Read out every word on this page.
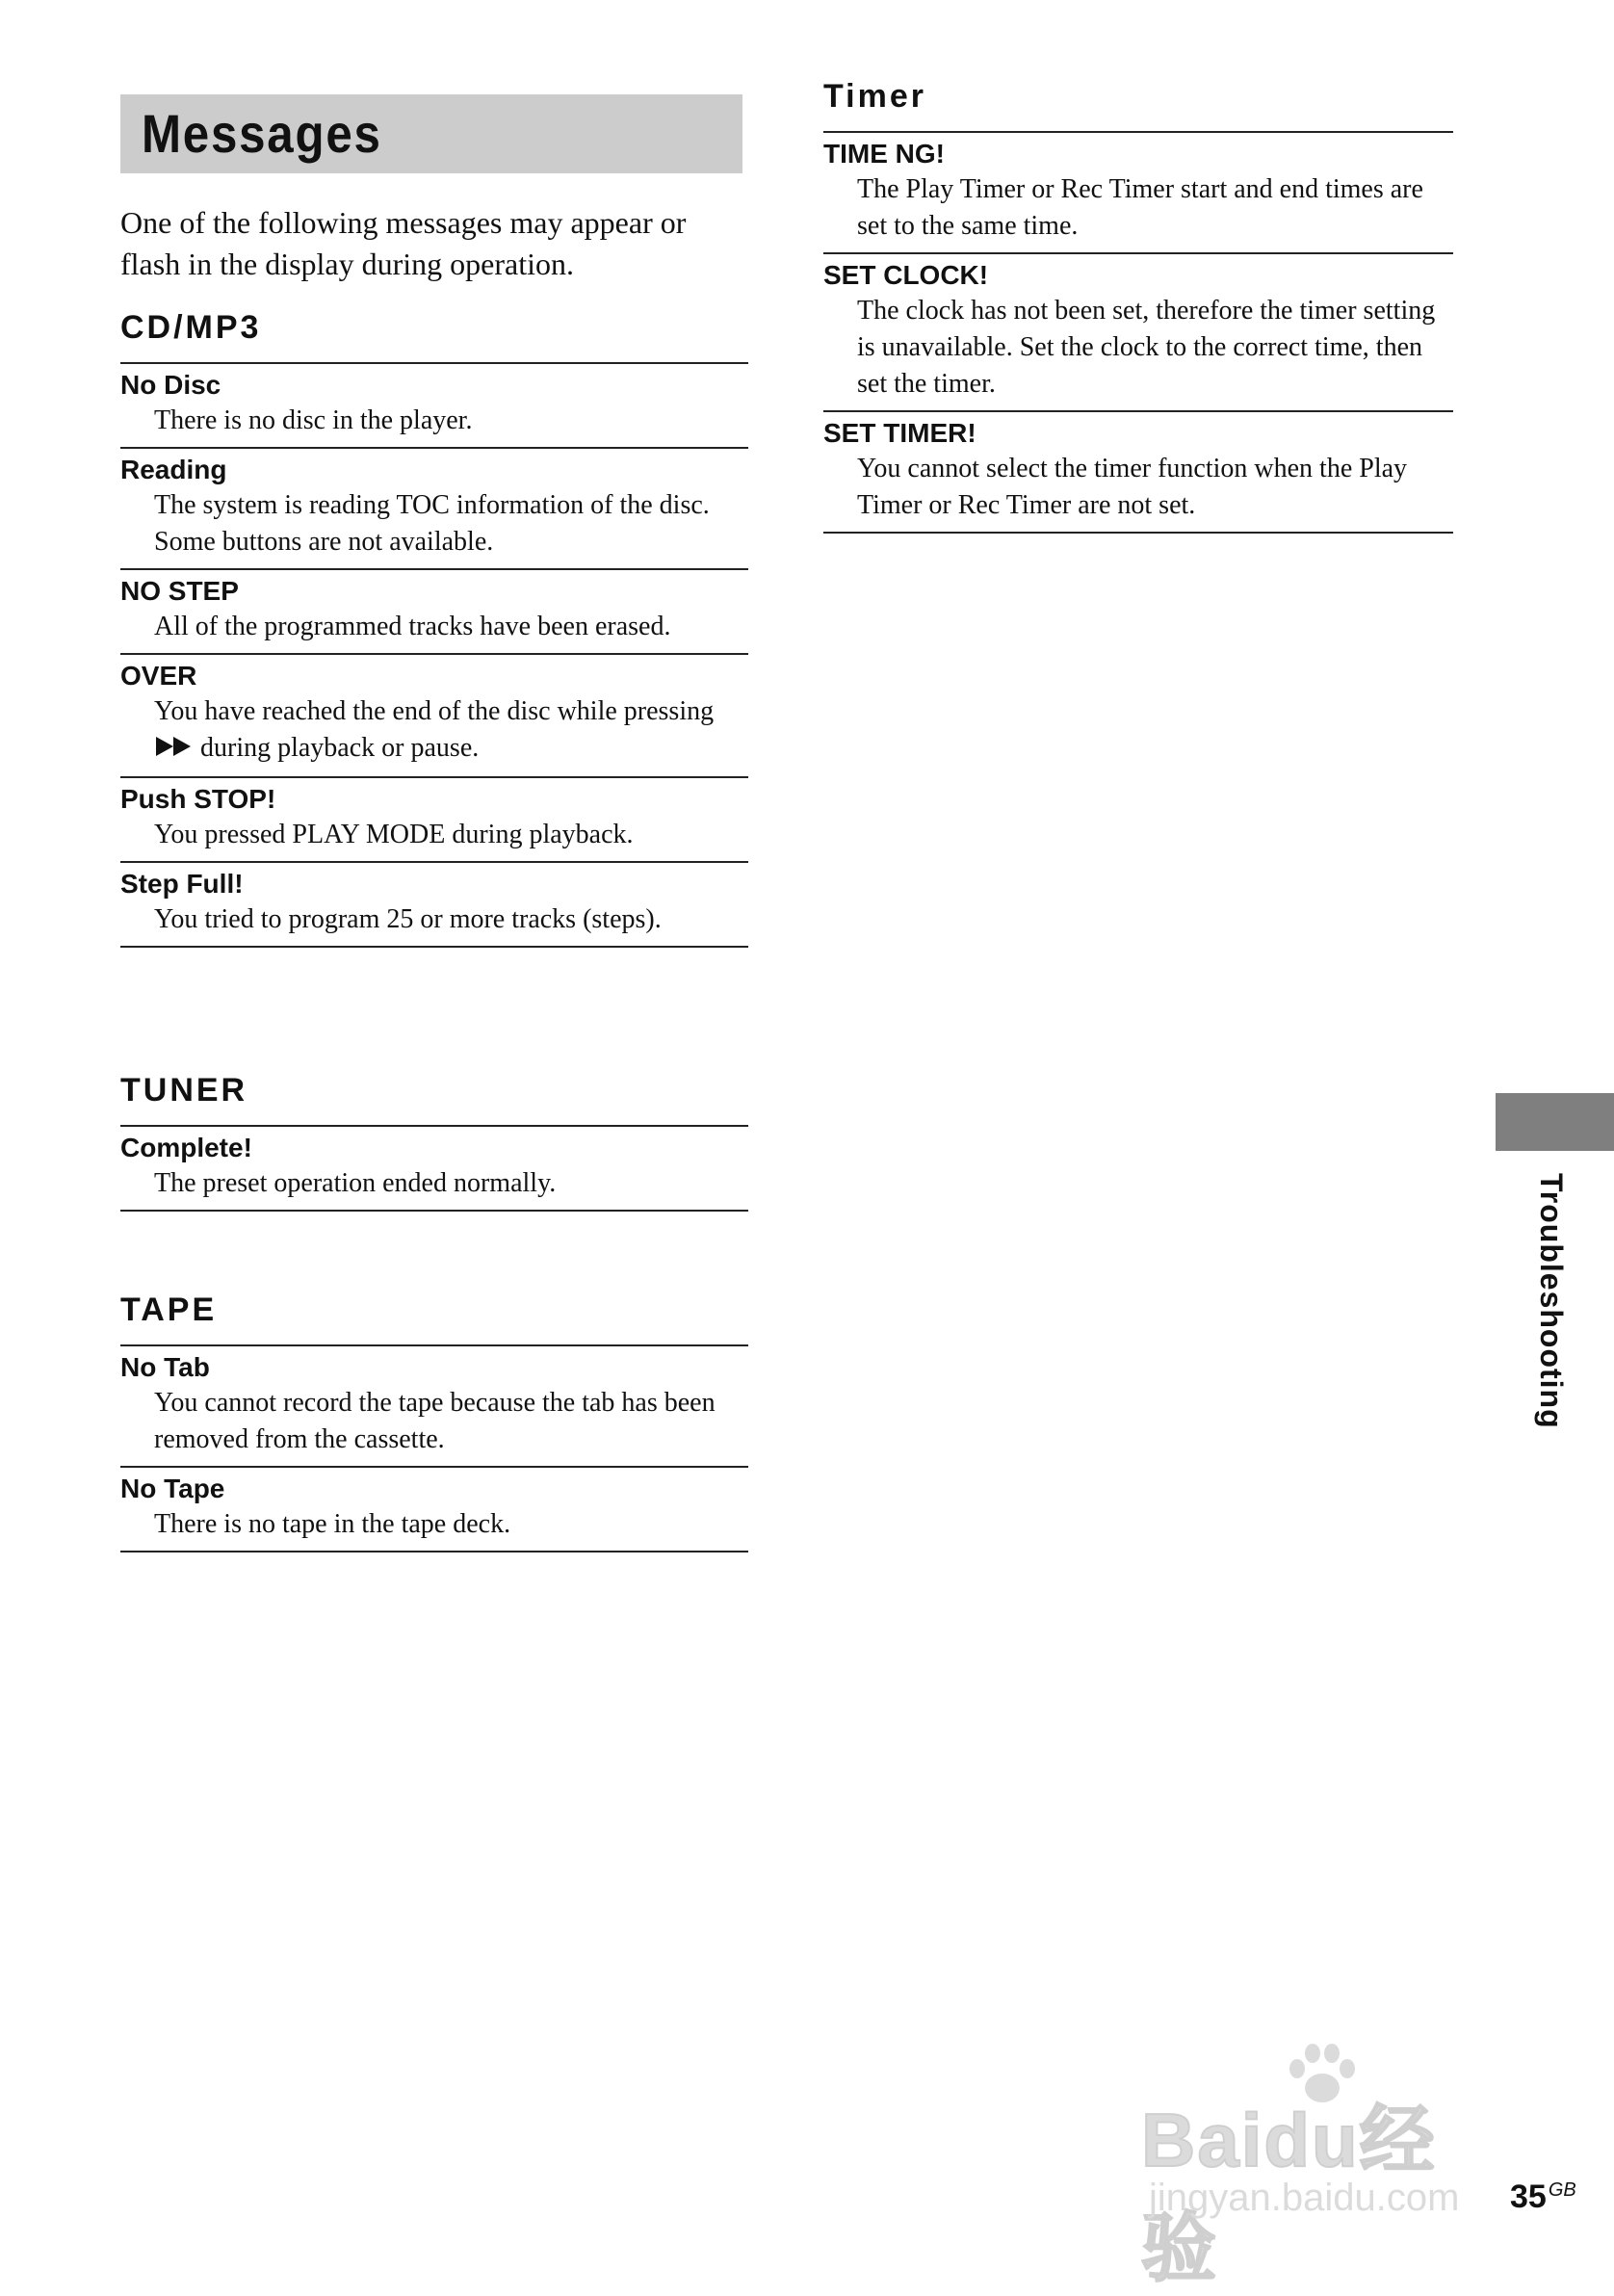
Messages
One of the following messages may appear or flash in the display during operation.
CD/MP3
No Disc
There is no disc in the player.
Reading
The system is reading TOC information of the disc. Some buttons are not available.
NO STEP
All of the programmed tracks have been erased.
OVER
You have reached the end of the disc while pressing
during playback or pause.
Push STOP!
You pressed PLAY MODE during playback.
Step Full!
You tried to program 25 or more tracks (steps).
TUNER
Complete!
The preset operation ended normally.
TAPE
No Tab
You cannot record the tape because the tab has been removed from the cassette.
No Tape
There is no tape in the tape deck.
Timer
TIME NG!
The Play Timer or Rec Timer start and end times are set to the same time.
SET CLOCK!
The clock has not been set, therefore the timer setting is unavailable. Set the clock to the correct time, then set the timer.
SET TIMER!
You cannot select the timer function when the Play Timer or Rec Timer are not set.
Troubleshooting
Baidu经验
jingyan.baidu.com 35 $^{GB}$
